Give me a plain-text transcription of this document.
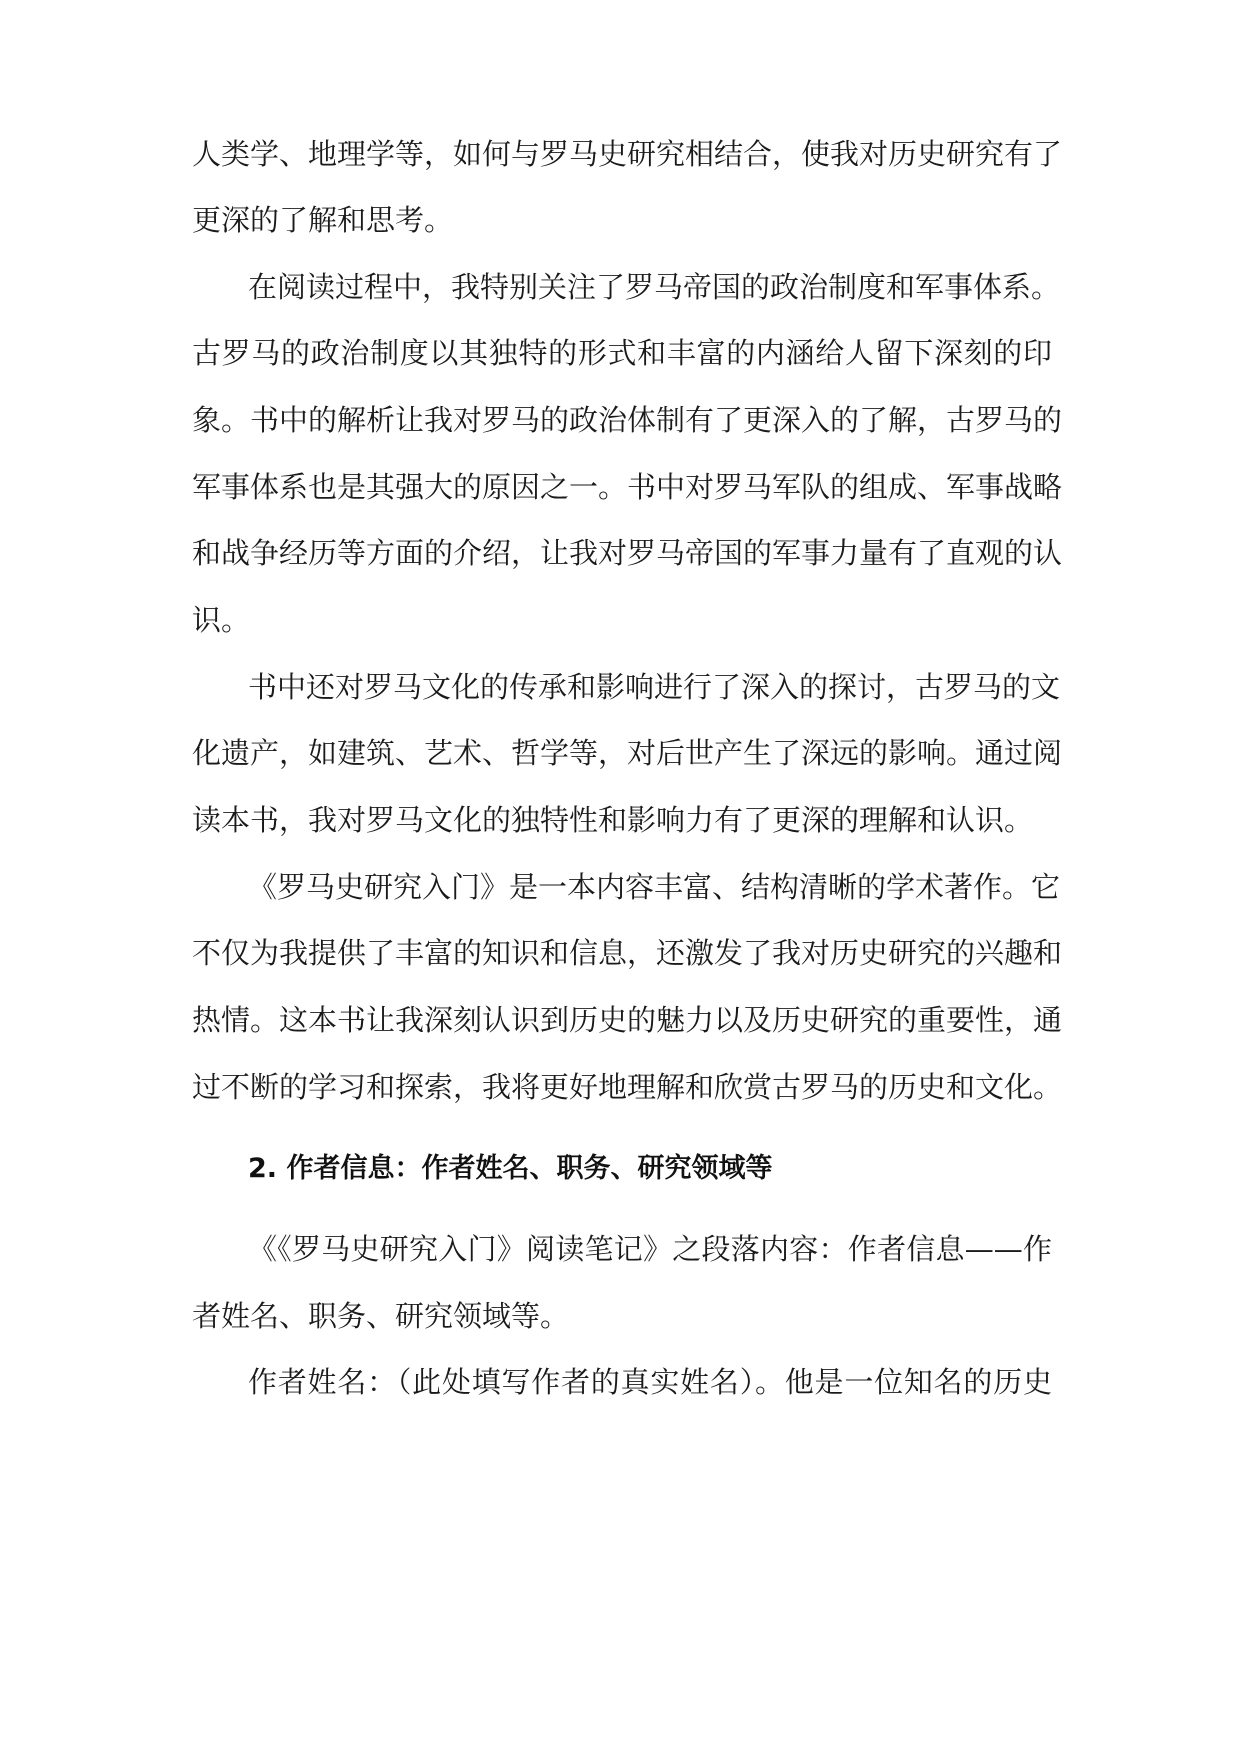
人类学、地理学等，如何与罗马史研究相结合，使我对历史研究有了
更深的了解和思考。
在阅读过程中，我特别关注了罗马帝国的政治制度和军事体系。
古罗马的政治制度以其独特的形式和丰富的内涵给人留下深刻的印
象。书中的解析让我对罗马的政治体制有了更深入的了解，古罗马的
军事体系也是其强大的原因之一。书中对罗马军队的组成、军事战略
和战争经历等方面的介绍，让我对罗马帝国的军事力量有了直观的认
识。
书中还对罗马文化的传承和影响进行了深入的探讨，古罗马的文
化遗产，如建筑、艺术、哲学等，对后世产生了深远的影响。通过阅
读本书，我对罗马文化的独特性和影响力有了更深的理解和认识。
《罗马史研究入门》是一本内容丰富、结构清晰的学术著作。它
不仅为我提供了丰富的知识和信息，还激发了我对历史研究的兴趣和
热情。这本书让我深刻认识到历史的魅力以及历史研究的重要性，通
过不断的学习和探索，我将更好地理解和欣赏古罗马的历史和文化。
2. 作者信息：作者姓名、职务、研究领域等
《《罗马史研究入门》阅读笔记》之段落内容：作者信息——作
者姓名、职务、研究领域等。
作者姓名：（此处填写作者的真实姓名）。他是一位知名的历史
